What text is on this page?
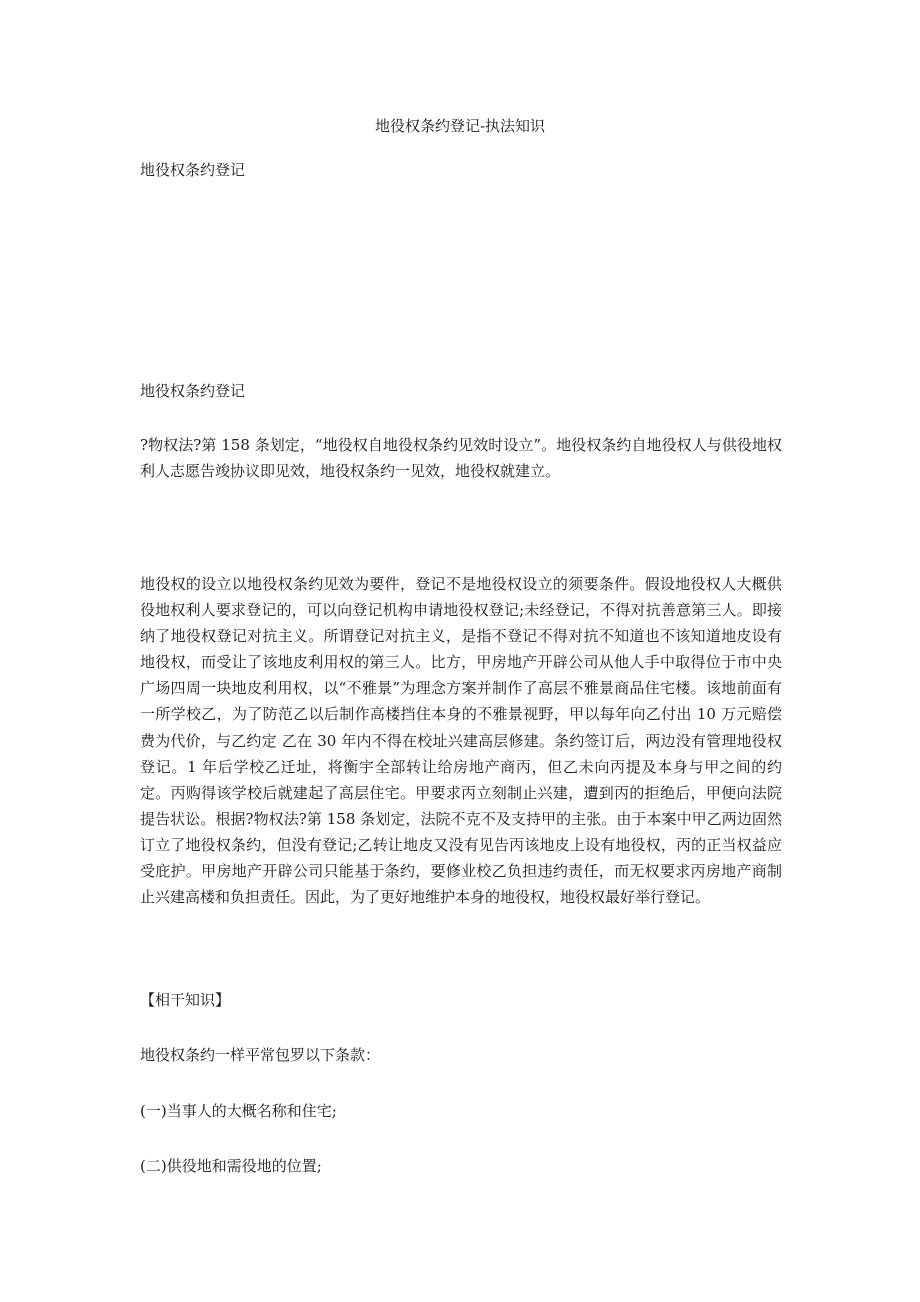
地役权条约登记-执法知识
地役权条约登记
地役权条约登记
?物权法?第 158 条划定，“地役权自地役权条约见效时设立”。地役权条约自地役权人与供役地权利人志愿告竣协议即见效，地役权条约一见效，地役权就建立。
地役权的设立以地役权条约见效为要件，登记不是地役权设立的须要条件。假设地役权人大概供役地权利人要求登记的，可以向登记机构申请地役权登记;未经登记，不得对抗善意第三人。即接纳了地役权登记对抗主义。所谓登记对抗主义，是指不登记不得对抗不知道也不该知道地皮设有地役权，而受让了该地皮利用权的第三人。比方，甲房地产开辟公司从他人手中取得位于市中央广场四周一块地皮利用权，以“不雅景”为理念方案并制作了高层不雅景商品住宅楼。该地前面有一所学校乙，为了防范乙以后制作高楼挡住本身的不雅景视野，甲以每年向乙付出 10 万元赔偿费为代价，与乙约定 乙在 30 年内不得在校址兴建高层修建。条约签订后，两边没有管理地役权登记。1 年后学校乙迁址，将衡宇全部转让给房地产商丙，但乙未向丙提及本身与甲之间的约定。丙购得该学校后就建起了高层住宅。甲要求丙立刻制止兴建，遭到丙的拒绝后，甲便向法院提告状讼。根据?物权法?第 158 条划定，法院不克不及支持甲的主张。由于本案中甲乙两边固然订立了地役权条约，但没有登记;乙转让地皮又没有见告丙该地皮上设有地役权，丙的正当权益应受庇护。甲房地产开辟公司只能基于条约，要修业校乙负担违约责任，而无权要求丙房地产商制止兴建高楼和负担责任。因此，为了更好地维护本身的地役权，地役权最好举行登记。
【相干知识】
地役权条约一样平常包罗以下条款：
(一)当事人的大概名称和住宅;
(二)供役地和需役地的位置;
